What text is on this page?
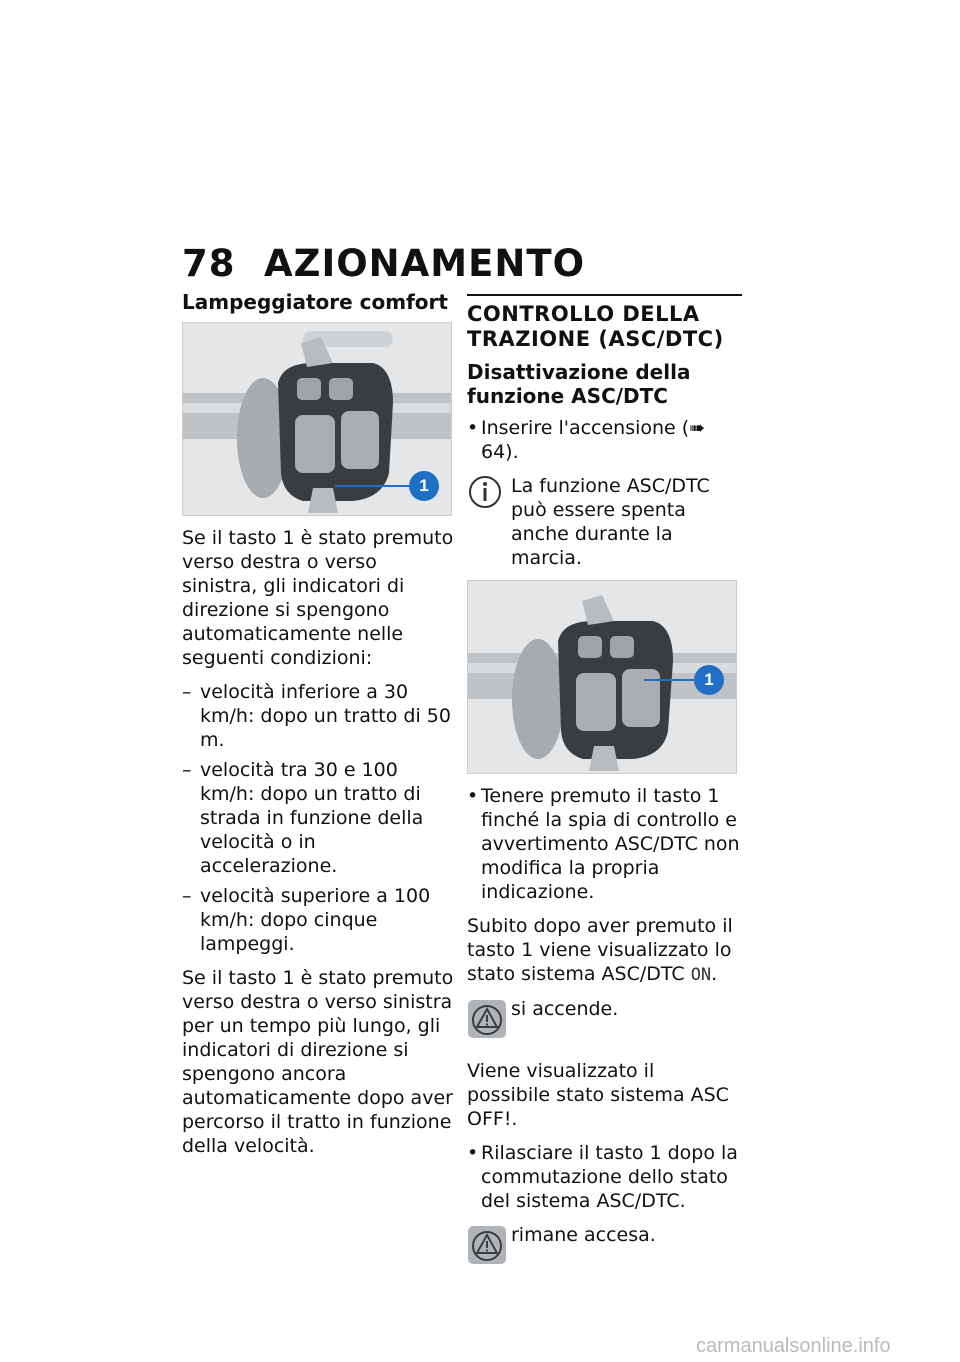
78 AZIONAMENTO
Lampeggiatore comfort
1

Se il tasto 1 è stato premuto verso destra o verso sinistra, gli indicatori di direzione si spengono automaticamente nelle seguenti condizioni:

– velocità inferiore a 30 km/h: dopo un tratto di 50 m.
– velocità tra 30 e 100 km/h: dopo un tratto di strada in funzione della velocità o in accelerazione.
– velocità superiore a 100 km/h: dopo cinque lampeggi.

Se il tasto 1 è stato premuto verso destra o verso sinistra per un tempo più lungo, gli indicatori di direzione si spengono ancora automaticamente dopo aver percorso il tratto in funzione della velocità.

CONTROLLO DELLA TRAZIONE (ASC/DTC)
Disattivazione della funzione ASC/DTC
• Inserire l'accensione (➠ 64).
La funzione ASC/DTC può essere spenta anche durante la marcia.
1
• Tenere premuto il tasto 1 finché la spia di controllo e avvertimento ASC/DTC non modifica la propria indicazione.

Subito dopo aver premuto il tasto 1 viene visualizzato lo stato sistema ASC/DTC ON.

si accende.

Viene visualizzato il possibile stato sistema ASC OFF!.

• Rilasciare il tasto 1 dopo la commutazione dello stato del sistema ASC/DTC.
rimane accesa.
carmanualsonline.info
